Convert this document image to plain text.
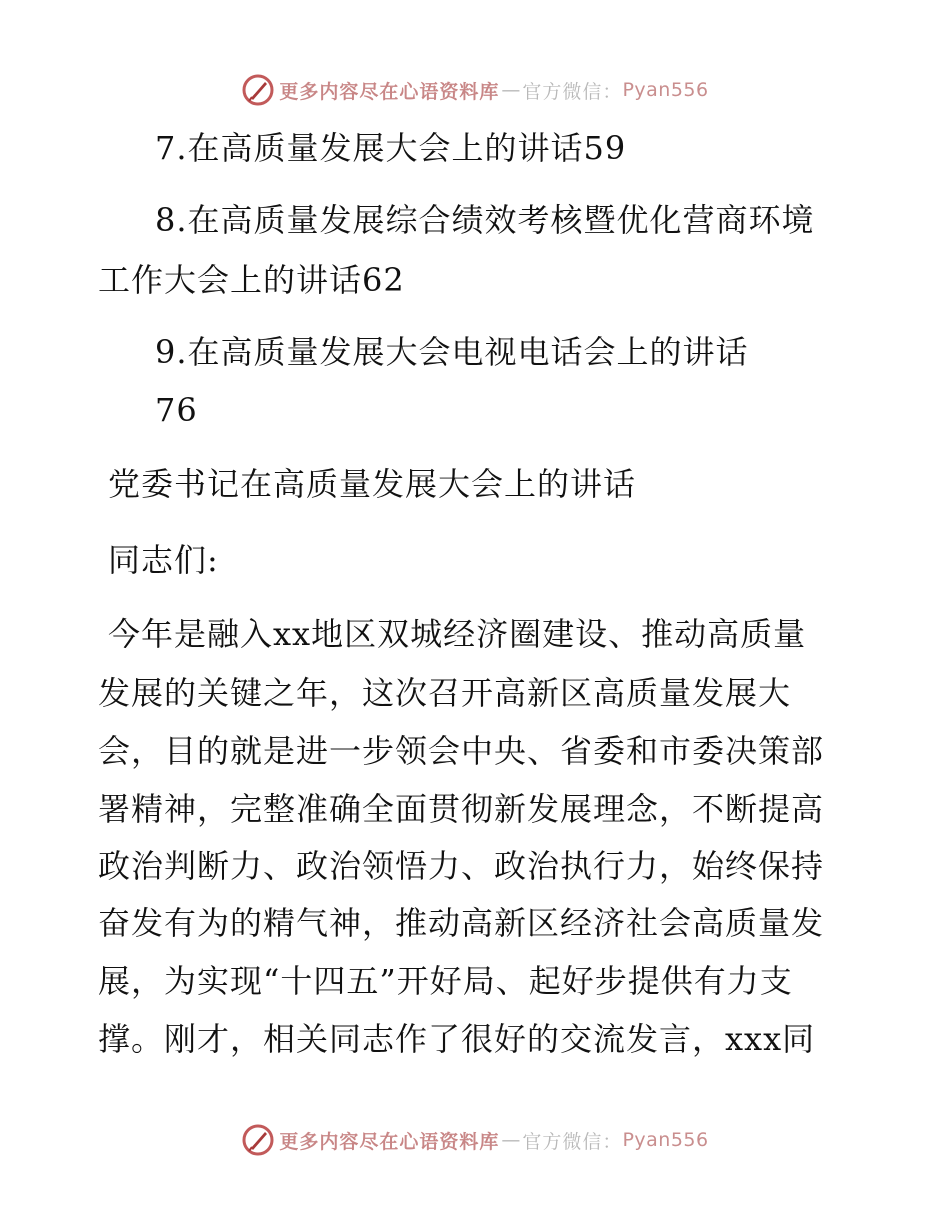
更多内容尽在心语资料库 — 官方微信： Pyan556
7.在高质量发展大会上的讲话59
8.在高质量发展综合绩效考核暨优化营商环境
工作大会上的讲话62
9.在高质量发展大会电视电话会上的讲话
76
党委书记在高质量发展大会上的讲话
同志们:
今年是融入xx地区双城经济圈建设、推动高质量
发展的关键之年，这次召开高新区高质量发展大
会，目的就是进一步领会中央、省委和市委决策部
署精神，完整准确全面贯彻新发展理念，不断提高
政治判断力、政治领悟力、政治执行力，始终保持
奋发有为的精气神，推动高新区经济社会高质量发
展，为实现“十四五”开好局、起好步提供有力支
撑。刚才，相关同志作了很好的交流发言，xxx同
更多内容尽在心语资料库 — 官方微信： Pyan556
